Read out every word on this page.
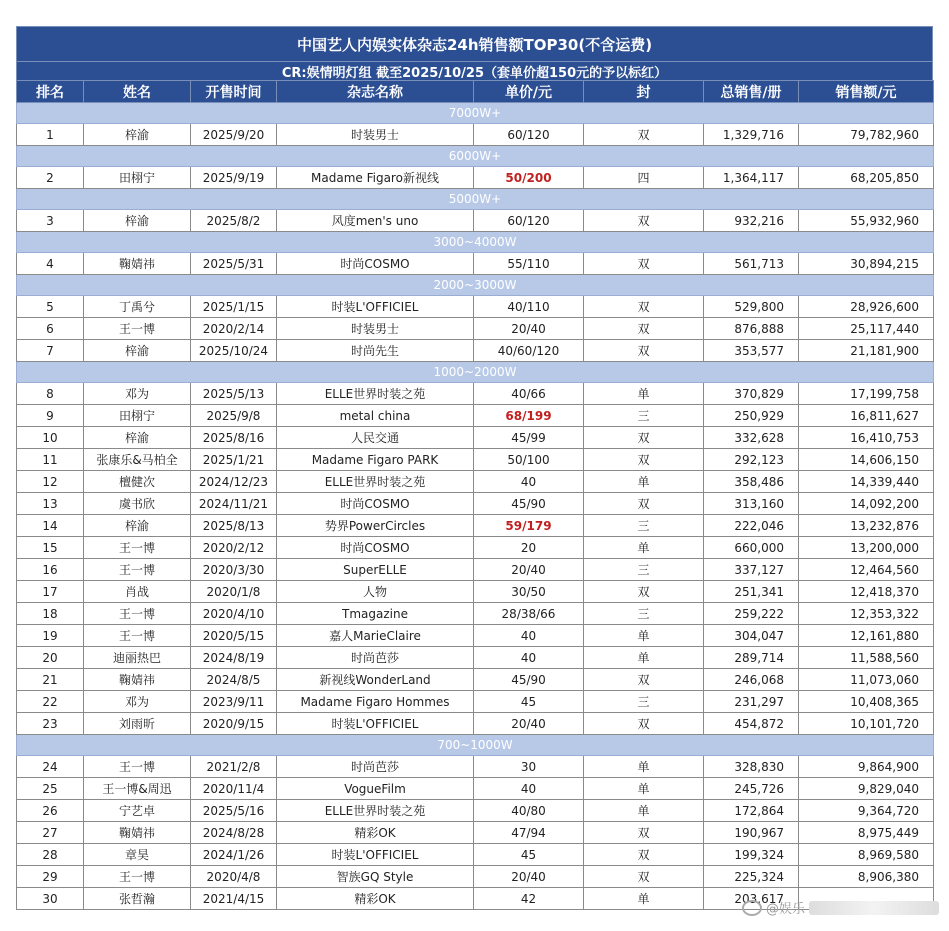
中国艺人内娱实体杂志24h销售额TOP30(不含运费)
CR:娱情明灯组 截至2025/10/25（套单价超150元的予以标红）
排名	姓名	开售时间	杂志名称	单价/元	封	总销售/册	销售额/元
7000W+							
1	梓渝	2025/9/20	时装男士	60/120	双	1,329,716	79,782,960
6000W+							
2	田栩宁	2025/9/19	Madame Figaro新视线	50/200	四	1,364,117	68,205,850
5000W+							
3	梓渝	2025/8/2	风度men's uno	60/120	双	932,216	55,932,960
3000~4000W							
4	鞠婧祎	2025/5/31	时尚COSMO	55/110	双	561,713	30,894,215
2000~3000W							
5	丁禹兮	2025/1/15	时装L'OFFICIEL	40/110	双	529,800	28,926,600
6	王一博	2020/2/14	时装男士	20/40	双	876,888	25,117,440
7	梓渝	2025/10/24	时尚先生	40/60/120	双	353,577	21,181,900
1000~2000W							
8	邓为	2025/5/13	ELLE世界时装之苑	40/66	单	370,829	17,199,758
9	田栩宁	2025/9/8	metal china	68/199	三	250,929	16,811,627
10	梓渝	2025/8/16	人民交通	45/99	双	332,628	16,410,753
11	张康乐&马柏全	2025/1/21	Madame Figaro PARK	50/100	双	292,123	14,606,150
12	檀健次	2024/12/23	ELLE世界时装之苑	40	单	358,486	14,339,440
13	虞书欣	2024/11/21	时尚COSMO	45/90	双	313,160	14,092,200
14	梓渝	2025/8/13	势界PowerCircles	59/179	三	222,046	13,232,876
15	王一博	2020/2/12	时尚COSMO	20	单	660,000	13,200,000
16	王一博	2020/3/30	SuperELLE	20/40	三	337,127	12,464,560
17	肖战	2020/1/8	人物	30/50	双	251,341	12,418,370
18	王一博	2020/4/10	Tmagazine	28/38/66	三	259,222	12,353,322
19	王一博	2020/5/15	嘉人MarieClaire	40	单	304,047	12,161,880
20	迪丽热巴	2024/8/19	时尚芭莎	40	单	289,714	11,588,560
21	鞠婧祎	2024/8/5	新视线WonderLand	45/90	双	246,068	11,073,060
22	邓为	2023/9/11	Madame Figaro Hommes	45	三	231,297	10,408,365
23	刘雨昕	2020/9/15	时装L'OFFICIEL	20/40	双	454,872	10,101,720
700~1000W							
24	王一博	2021/2/8	时尚芭莎	30	单	328,830	9,864,900
25	王一博&周迅	2020/11/4	VogueFilm	40	单	245,726	9,829,040
26	宁艺卓	2025/5/16	ELLE世界时装之苑	40/80	单	172,864	9,364,720
27	鞠婧祎	2024/8/28	精彩OK	47/94	双	190,967	8,975,449
28	章昊	2024/1/26	时装L'OFFICIEL	45	双	199,324	8,969,580
29	王一博	2020/4/8	智族GQ Style	20/40	双	225,324	8,906,380
30	张哲瀚	2021/4/15	精彩OK	42	单	203,617	
@娱乐
